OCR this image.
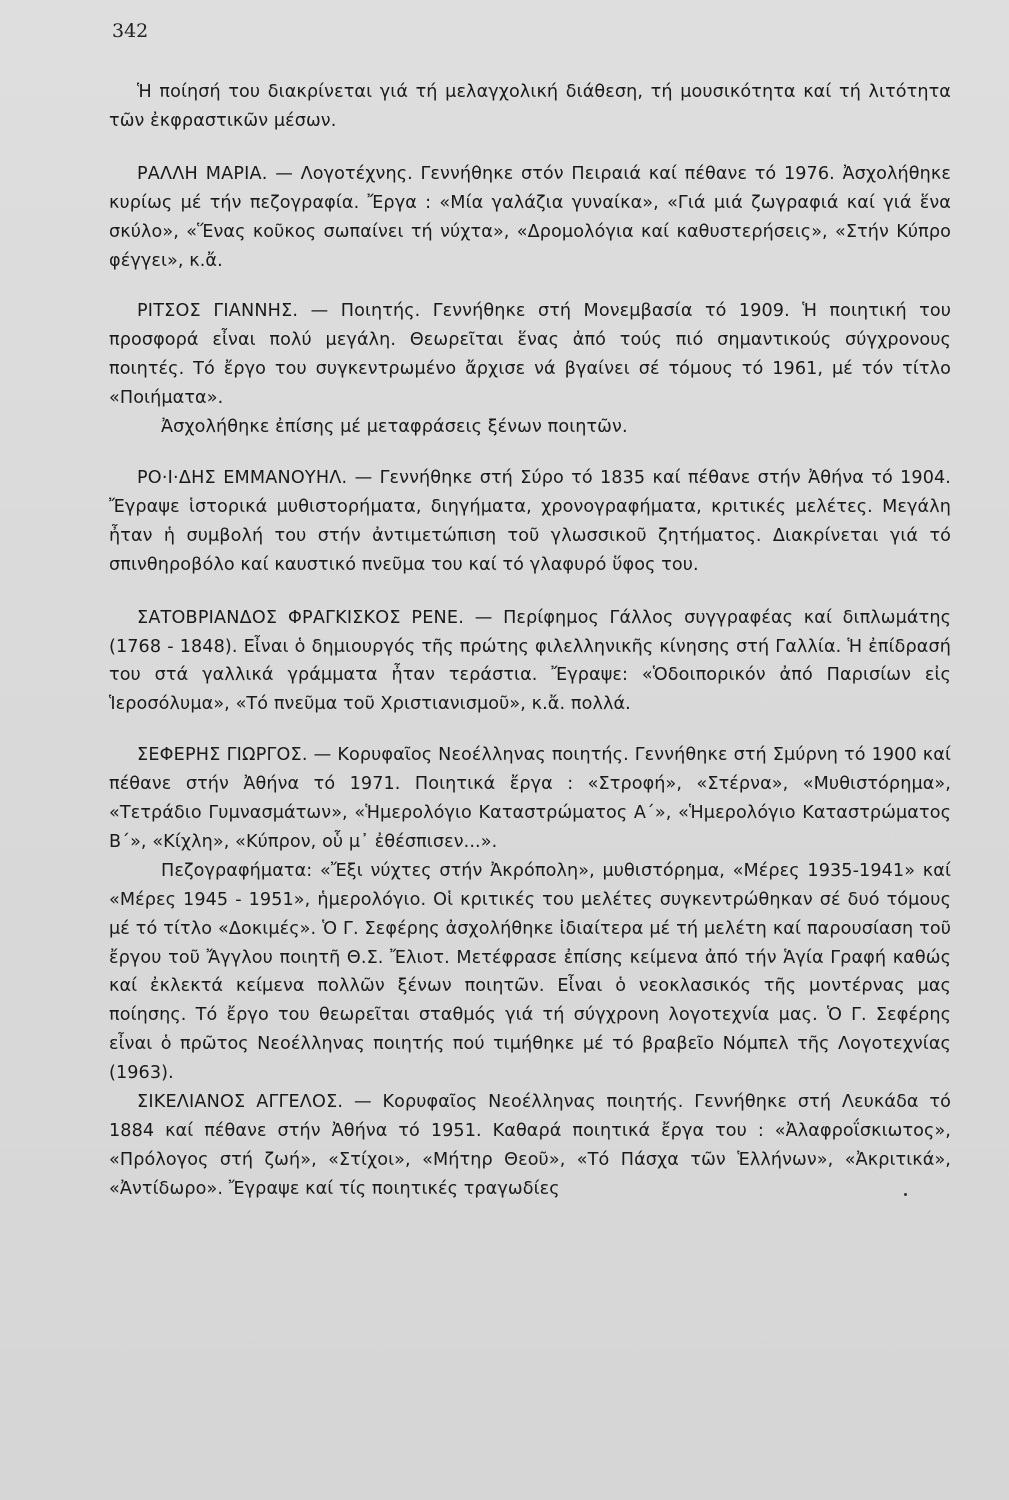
342

Ἡ ποίησή του διακρίνεται γιά τή μελαγχολική διάθεση, τή μουσικότητα καί τή λιτότητα τῶν ἐκφραστικῶν μέσων.

ΡΑΛΛΗ ΜΑΡΙΑ. — Λογοτέχνης. Γεννήθηκε στόν Πειραιά καί πέθανε τό 1976. Ἀσχολήθηκε κυρίως μέ τήν πεζογραφία. Ἔργα : «Μία γαλάζια γυναίκα», «Γιά μιά ζωγραφιά καί γιά ἕνα σκύλο», «Ἕνας κοῦκος σωπαίνει τή νύχτα», «Δρομολόγια καί καθυστερήσεις», «Στήν Κύπρο φέγγει», κ.ἄ.

ΡΙΤΣΟΣ ΓΙΑΝΝΗΣ. — Ποιητής. Γεννήθηκε στή Μονεμβασία τό 1909. Ἡ ποιητική του προσφορά εἶναι πολύ μεγάλη. Θεωρεῖται ἕνας ἀπό τούς πιό σημαντικούς σύγχρονους ποιητές. Τό ἔργο του συγκεντρωμένο ἄρχισε νά βγαίνει σέ τόμους τό 1961, μέ τόν τίτλο «Ποιήματα».

Ἀσχολήθηκε ἐπίσης μέ μεταφράσεις ξένων ποιητῶν.

ΡΟ·Ι·ΔΗΣ ΕΜΜΑΝΟΥΗΛ. — Γεννήθηκε στή Σύρο τό 1835 καί πέθανε στήν Ἀθήνα τό 1904. Ἔγραψε ἱστορικά μυθιστορήματα, διηγήματα, χρονογραφήματα, κριτικές μελέτες. Μεγάλη ἦταν ἡ συμβολή του στήν ἀντιμετώπιση τοῦ γλωσσικοῦ ζητήματος. Διακρίνεται γιά τό σπινθηροβόλο καί καυστικό πνεῦμα του καί τό γλαφυρό ὕφος του.

ΣΑΤΟΒΡΙΑΝΔΟΣ ΦΡΑΓΚΙΣΚΟΣ ΡΕΝΕ. — Περίφημος Γάλλος συγγραφέας καί διπλωμάτης (1768 - 1848). Εἶναι ὁ δημιουργός τῆς πρώτης φιλελληνικῆς κίνησης στή Γαλλία. Ἡ ἐπίδρασή του στά γαλλικά γράμματα ἦταν τεράστια. Ἔγραψε: «Ὁδοιπορικόν ἀπό Παρισίων εἰς Ἱεροσόλυμα», «Τό πνεῦμα τοῦ Χριστιανισμοῦ», κ.ἄ. πολλά.

ΣΕΦΕΡΗΣ ΓΙΩΡΓΟΣ. — Κορυφαῖος Νεοέλληνας ποιητής. Γεννήθηκε στή Σμύρνη τό 1900 καί πέθανε στήν Ἀθήνα τό 1971. Ποιητικά ἔργα : «Στροφή», «Στέρνα», «Μυθιστόρημα», «Τετράδιο Γυμνασμάτων», «Ἡμερολόγιο Καταστρώματος Α΄», «Ἡμερολόγιο Καταστρώματος Β΄», «Κίχλη», «Κύπρον, οὗ μ᾽ ἐθέσπισεν...».

Πεζογραφήματα: «Ἔξι νύχτες στήν Ἀκρόπολη», μυθιστόρημα, «Μέρες 1935-1941» καί «Μέρες 1945 - 1951», ἡμερολόγιο. Οἱ κριτικές του μελέτες συγκεντρώθηκαν σέ δυό τόμους μέ τό τίτλο «Δοκιμές». Ὁ Γ. Σεφέρης ἀσχολήθηκε ἰδιαίτερα μέ τή μελέτη καί παρουσίαση τοῦ ἔργου τοῦ Ἄγγλου ποιητῆ Θ.Σ. Ἔλιοτ. Μετέφρασε ἐπίσης κείμενα ἀπό τήν Ἁγία Γραφή καθώς καί ἐκλεκτά κείμενα πολλῶν ξένων ποιητῶν. Εἶναι ὁ νεοκλασικός τῆς μοντέρνας μας ποίησης. Τό ἔργο του θεωρεῖται σταθμός γιά τή σύγχρονη λογοτεχνία μας. Ὁ Γ. Σεφέρης εἶναι ὁ πρῶτος Νεοέλληνας ποιητής πού τιμήθηκε μέ τό βραβεῖο Νόμπελ τῆς Λογοτεχνίας (1963).

ΣΙΚΕΛΙΑΝΟΣ ΑΓΓΕΛΟΣ. — Κορυφαῖος Νεοέλληνας ποιητής. Γεννήθηκε στή Λευκάδα τό 1884 καί πέθανε στήν Ἀθήνα τό 1951. Καθαρά ποιητικά ἔργα του : «Ἀλαφροΐσκιωτος», «Πρόλογος στή ζωή», «Στίχοι», «Μήτηρ Θεοῦ», «Τό Πάσχα τῶν Ἑλλήνων», «Ἀκριτικά», «Ἀντίδωρο». Ἔγραψε καί τίς ποιητικές τραγωδίες
